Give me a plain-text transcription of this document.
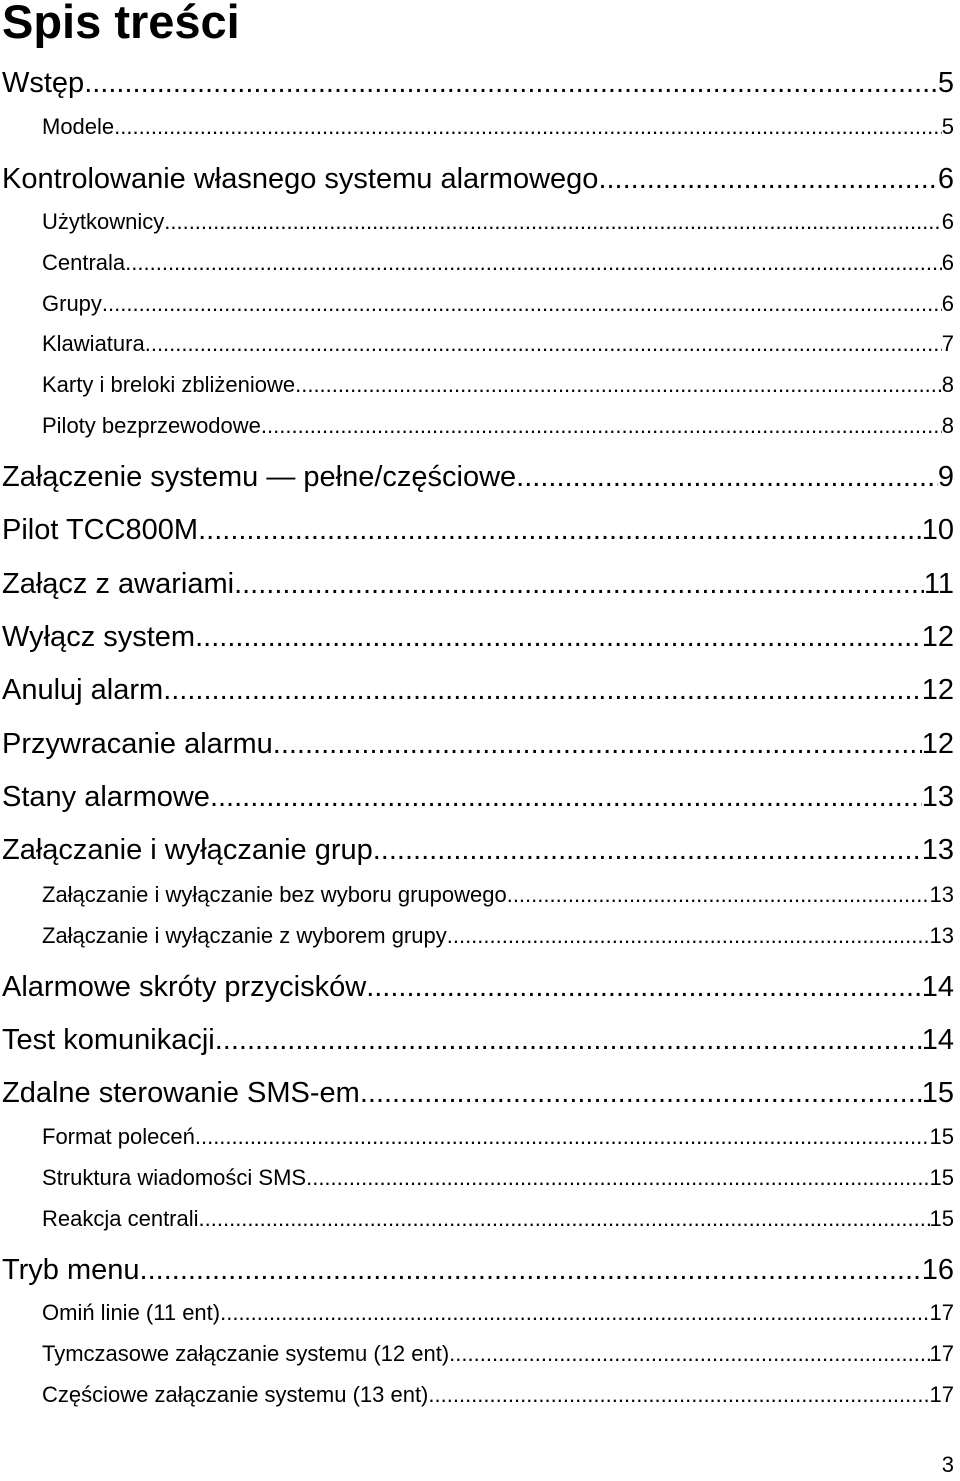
Spis treści
Wstęp .....	5
Modele .....	5
Kontrolowanie własnego systemu alarmowego .....	6
Użytkownicy .....	6
Centrala .....	6
Grupy .....	6
Klawiatura .....	7
Karty i breloki zbliżeniowe .....	8
Piloty bezprzewodowe .....	8
Załączenie systemu — pełne/częściowe .....	9
Pilot TCC800M .....	10
Załącz z awariami .....	11
Wyłącz system .....	12
Anuluj alarm .....	12
Przywracanie alarmu .....	12
Stany alarmowe .....	13
Załączanie i wyłączanie grup .....	13
Załączanie i wyłączanie bez wyboru grupowego .....	13
Załączanie i wyłączanie z wyborem grupy .....	13
Alarmowe skróty przycisków .....	14
Test komunikacji .....	14
Zdalne sterowanie SMS-em .....	15
Format poleceń .....	15
Struktura wiadomości SMS .....	15
Reakcja centrali .....	15
Tryb menu .....	16
Omiń linie (11 ent) .....	17
Tymczasowe załączanie systemu (12 ent) .....	17
Częściowe załączanie systemu (13 ent) .....	17
3
